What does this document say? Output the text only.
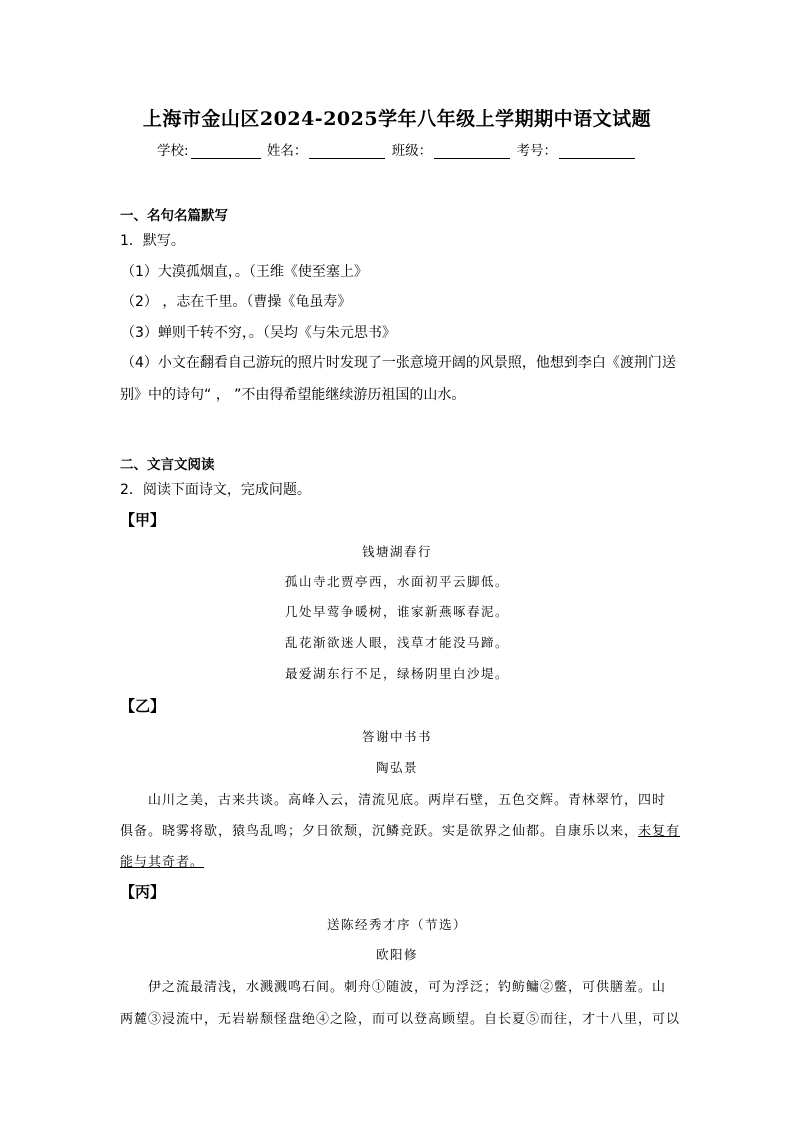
上海市金山区2024-2025学年八年级上学期期中语文试题
学校:	姓名：	班级：	考号：
一、名句名篇默写
1．默写。
（1）大漠孤烟直，。（王维《使至塞上》
（2） ，志在千里。（曹操《龟虽寿》
（3）蝉则千转不穷，。（吴均《与朱元思书》
（4）小文在翻看自己游玩的照片时发现了一张意境开阔的风景照，他想到李白《渡荆门送
别》中的诗句“ ， ”不由得希望能继续游历祖国的山水。
二、文言文阅读
2．阅读下面诗文，完成问题。
【甲】
钱塘湖春行
孤山寺北贾亭西，水面初平云脚低。
几处早莺争暖树，谁家新燕啄春泥。
乱花渐欲迷人眼，浅草才能没马蹄。
最爱湖东行不足，绿杨阴里白沙堤。
【乙】
答谢中书书
陶弘景
山川之美，古来共谈。高峰入云，清流见底。两岸石壁，五色交辉。青林翠竹，四时
俱备。晓雾将歇，猿鸟乱鸣；夕日欲颓，沉鳞竞跃。实是欲界之仙都。自康乐以来，未复有
能与其奇者。
【丙】
送陈经秀才序（节选）
欧阳修
伊之流最清浅，水溅溅鸣石间。刺舟①随波，可为浮泛；钓鲂鳙②鳖，可供膳羞。山
两麓③浸流中，无岩崭颓怪盘绝④之险，而可以登高顾望。自长夏⑤而往，才十八里，可以
